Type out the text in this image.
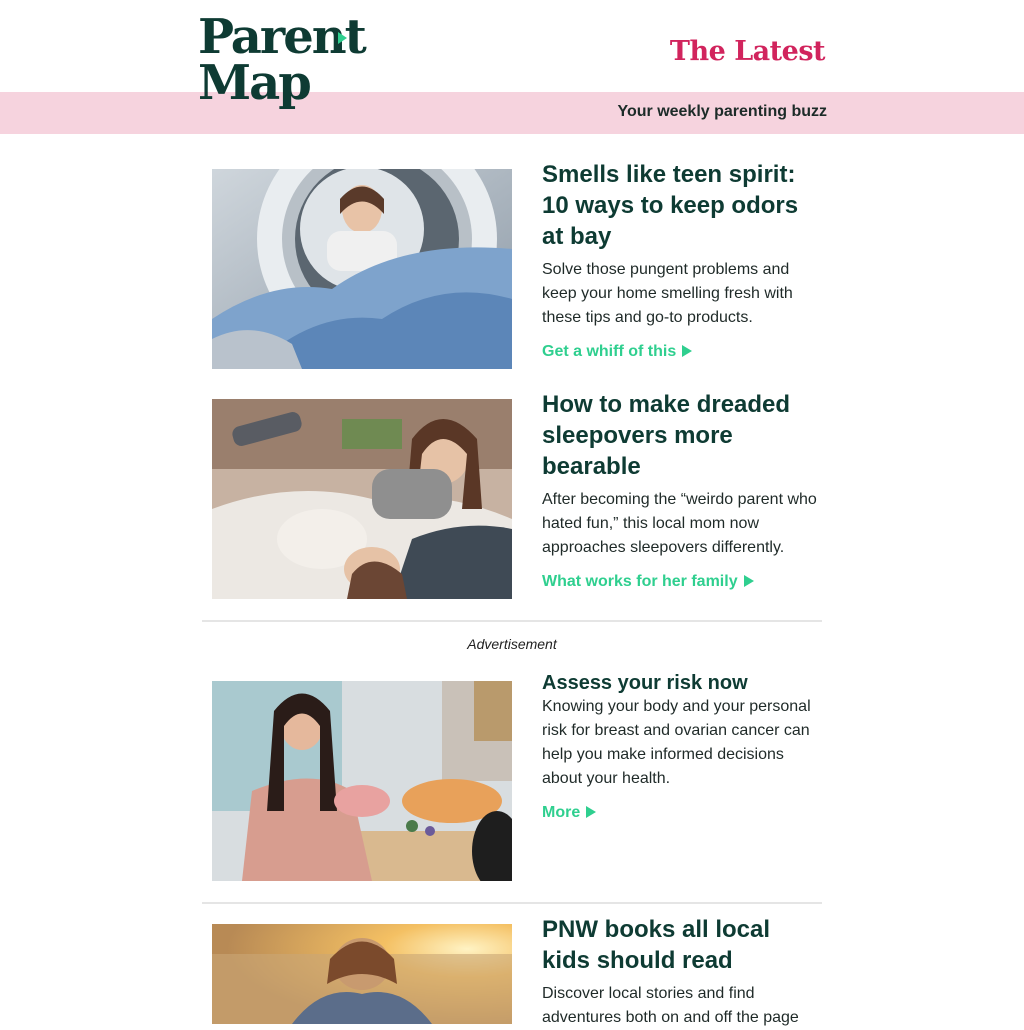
Parent
Map
The Latest
Your weekly parenting buzz
Smells like teen spirit: 10 ways to keep odors at bay
Solve those pungent problems and keep your home smelling fresh with these tips and go-to products.
Get a whiff of this
How to make dreaded sleepovers more bearable
After becoming the “weirdo parent who hated fun,” this local mom now approaches sleepovers differently.
What works for her family
Advertisement
Assess your risk now
Knowing your body and your personal risk for breast and ovarian cancer can help you make informed decisions about your health.
More
PNW books all local kids should read
Discover local stories and find adventures both on and off the page
